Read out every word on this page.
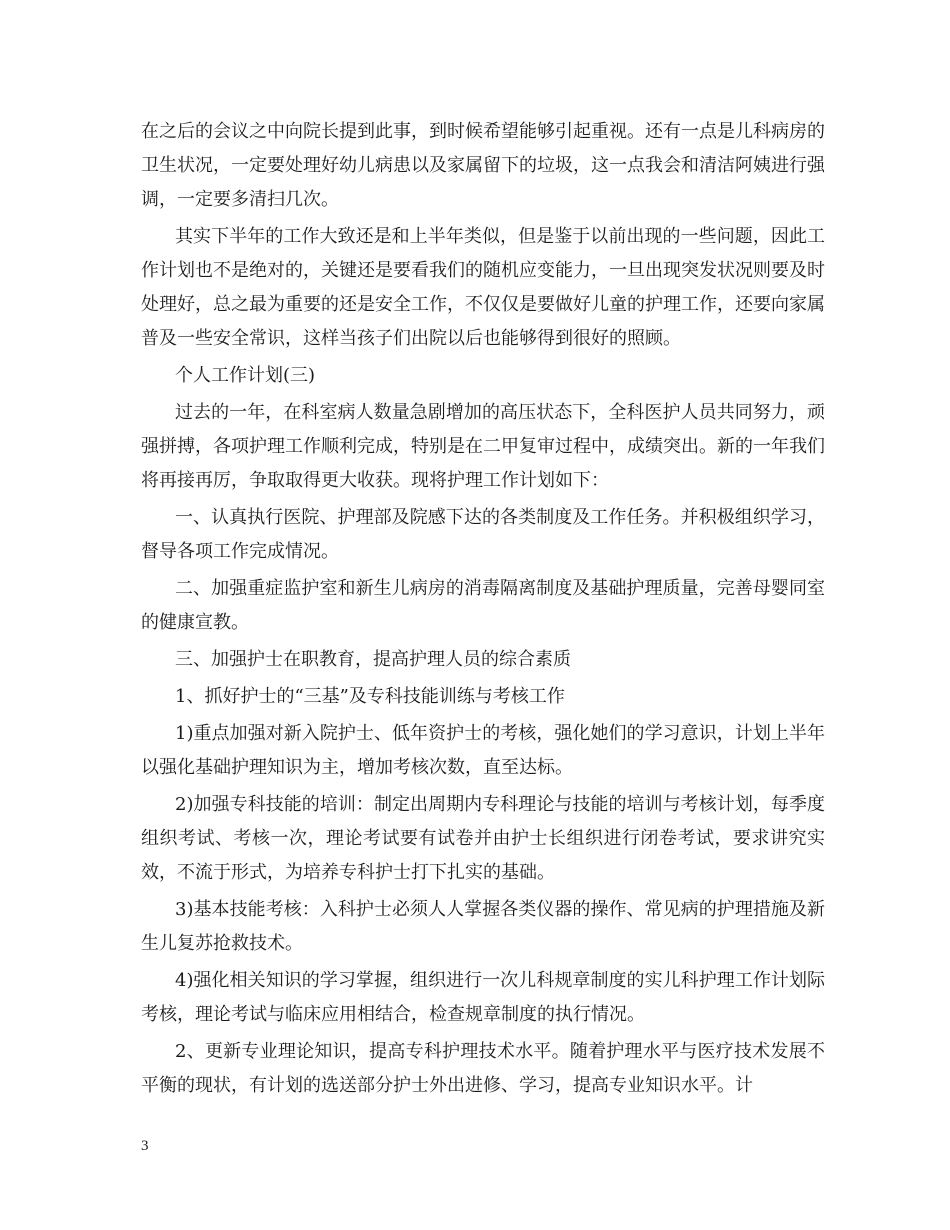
在之后的会议之中向院长提到此事，到时候希望能够引起重视。还有一点是儿科病房的卫生状况，一定要处理好幼儿病患以及家属留下的垃圾，这一点我会和清洁阿姨进行强调，一定要多清扫几次。

其实下半年的工作大致还是和上半年类似，但是鉴于以前出现的一些问题，因此工作计划也不是绝对的，关键还是要看我们的随机应变能力，一旦出现突发状况则要及时处理好，总之最为重要的还是安全工作，不仅仅是要做好儿童的护理工作，还要向家属普及一些安全常识，这样当孩子们出院以后也能够得到很好的照顾。

个人工作计划(三)

过去的一年，在科室病人数量急剧增加的高压状态下，全科医护人员共同努力，顽强拼搏，各项护理工作顺利完成，特别是在二甲复审过程中，成绩突出。新的一年我们将再接再厉，争取取得更大收获。现将护理工作计划如下：

一、认真执行医院、护理部及院感下达的各类制度及工作任务。并积极组织学习，督导各项工作完成情况。

二、加强重症监护室和新生儿病房的消毒隔离制度及基础护理质量，完善母婴同室的健康宣教。

三、加强护士在职教育，提高护理人员的综合素质

1、抓好护士的“三基”及专科技能训练与考核工作

1)重点加强对新入院护士、低年资护士的考核，强化她们的学习意识，计划上半年以强化基础护理知识为主，增加考核次数，直至达标。

2)加强专科技能的培训：制定出周期内专科理论与技能的培训与考核计划，每季度组织考试、考核一次，理论考试要有试卷并由护士长组织进行闭卷考试，要求讲究实效，不流于形式，为培养专科护士打下扎实的基础。

3)基本技能考核：入科护士必须人人掌握各类仪器的操作、常见病的护理措施及新生儿复苏抢救技术。

4)强化相关知识的学习掌握，组织进行一次儿科规章制度的实儿科护理工作计划际考核，理论考试与临床应用相结合，检查规章制度的执行情况。

2、更新专业理论知识，提高专科护理技术水平。随着护理水平与医疗技术发展不平衡的现状，有计划的选送部分护士外出进修、学习，提高专业知识水平。计

3
